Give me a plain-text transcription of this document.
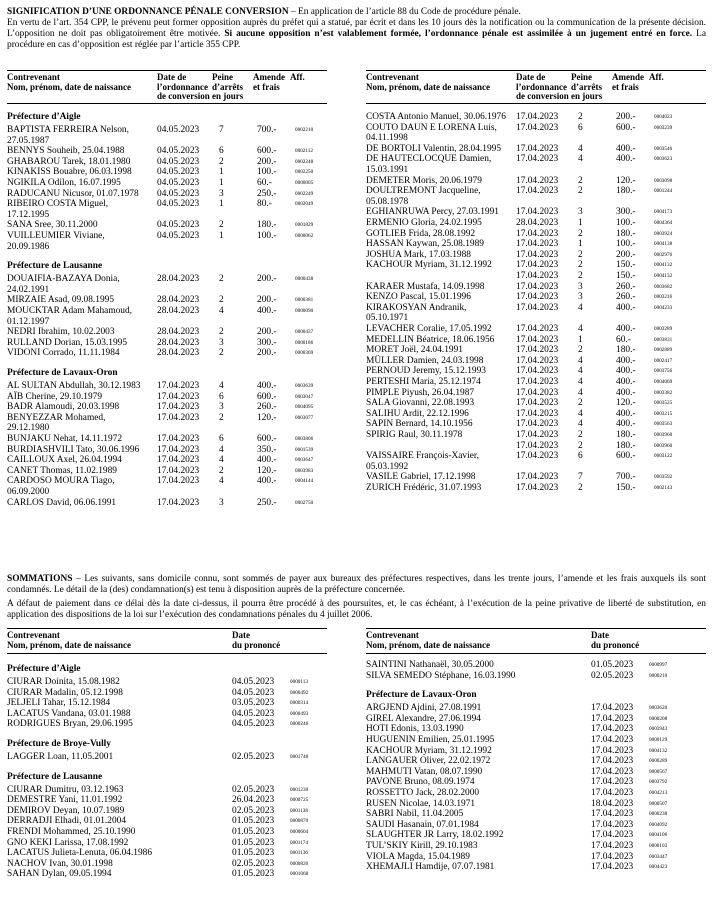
SIGNIFICATION D’UNE ORDONNANCE PÉNALE CONVERSION – En application de l’article 88 du Code de procédure pénale.

En vertu de l’art. 354 CPP, le prévenu peut former opposition auprès du préfet qui a statué, par écrit et dans les 10 jours dès la notification ou la communication de la présente décision. L’opposition ne doit pas obligatoirement être motivée. Si aucune opposition n’est valablement formée, l’ordonnance pénale est assimilée à un jugement entré en force. La procédure en cas d’opposition est réglée par l’article 355 CPP.

Contrevenant
Nom, prénom, date de naissance
Date de
l’ordonnance
de conversion
Peine
d’arrêts
en jours
Amende
et frais
Aff.
Préfecture d’Aigle
BAPTISTA FERREIRA Nelson,
27.05.1987
04.05.2023 7	700.-	0002210
BENNYS Souheib, 25.04.1988	04.05.2023 6	600.-	0002112
GHABAROU Tarek, 18.01.1980	04.05.2023 2	200.-	0002248
KINAKISS Bouabre, 06.03.1998	04.05.2023 1	100.-	0002250
NGIKILA Odilon, 16.07.1995	04.05.2023 1	60.-	0000005
RADUCANU Nicusor, 01.07.1978	04.05.2023 3	250.-	0002249
RIBEIRO COSTA Miguel,
17.12.1995
04.05.2023 1	80.-	0002049
SANA Sree, 30.11.2000	04.05.2023 2	180.-	0001829
VUILLEUMIER Viviane,
20.09.1986
04.05.2023 1	100.-	0000062
Préfecture de Lausanne
DOUAIFIA-BAZAYA Donia,
24.02.1991
28.04.2023 2	200.-	0000438
MIRZAIE Asad, 09.08.1995	28.04.2023 2	200.-	0000381
MOUCKTAR Adam Mahamoud,
01.12.1997
28.04.2023 4	400.-	0000090
NEDRI Ibrahim, 10.02.2003	28.04.2023 2	200.-	0000437
RULLAND Dorian, 15.03.1995	28.04.2023 3	300.-	0000186
VIDONI Corrado, 11.11.1984	28.04.2023 2	200.-	0000369
Préfecture de Lavaux-Oron
AL SULTAN Abdullah, 30.12.1983	17.04.2023 4	400.-	0003639
AÏB Cherine, 29.10.1979	17.04.2023 6	600.-	0003047
BADR Alamoudi, 20.03.1998	17.04.2023 3	260.-	0004095
BENYEZZAR Mohamed,
29.12.1980
17.04.2023 2	120.-	0003077
BUNJAKU Nehat, 14.11.1972	17.04.2023 6	600.-	0003806
BURDIASHVILI Tato, 30.06.1996	17.04.2023 4	350.-	0001539
CAILLOUX Axel, 26.04.1994	17.04.2023 4	400.-	0003647
CANET Thomas, 11.02.1989	17.04.2023 2	120.-	0003983
CARDOSO MOURA Tiago,
06.09.2000
17.04.2023 4	400.-	0004144
CARLOS David, 06.06.1991	17.04.2023 3	250.-	0002750
Contrevenant
Nom, prénom, date de naissance
Date de
l’ordonnance
de conversion
Peine
d’arrêts
en jours
Amende
et frais
Aff.
COSTA Antonio Manuel, 30.06.1976	17.04.2023 2	200.-	0004023
COUTO DAUN E LORENA Luís,
04.11.1998
17.04.2023 6	600.-	0003239
DE BORTOLI Valentin, 28.04.1995	17.04.2023 4	400.-	0003546
DE HAUTECLOCQUE Damien,
15.03.1991
17.04.2023 4	400.-	0003623
DEMETER Moris, 20.06.1979	17.04.2023 2	120.-	0003098
DOULTREMONT Jacqueline,
05.08.1978
17.04.2023 2	180.-	0001244
EGHIANRUWA Percy, 27.03.1991	17.04.2023 3	300.-	0004173
ERMENIO Gloria, 24.02.1995	28.04.2023 1	100.-	0004364
GOTLIEB Frida, 28.08.1992	17.04.2023 2	180.-	0003924
HASSAN Kaywan, 25.08.1989	17.04.2023 1	100.-	0004138
JOSHUA Mark, 17.03.1988	17.04.2023 2	200.-	0002976
KACHOUR Myriam, 31.12.1992	17.04.2023 2	150.-	0004132
17.04.2023 2	150.-	0004132
KARAER Mustafa, 14.09.1998	17.04.2023 3	260.-	0003682
KENZO Pascal, 15.01.1996	17.04.2023 3	260.-	0003216
KIRAKOSYAN Andranik,
05.10.1971
17.04.2023 4	400.-	0004233
LEVACHER Coralie, 17.05.1992	17.04.2023 4	400.-	0003289
MEDELLIN Béatrice, 18.06.1956	17.04.2023 1	60.-	0003831
MORET Joël, 24.04.1991	17.04.2023 2	180.-	0002889
MÜLLER Damien, 24.03.1998	17.04.2023 4	400.-	0002417
PERNOUD Jeremy, 15.12.1993	17.04.2023 4	400.-	0003756
PERTESHI Maria, 25.12.1974	17.04.2023 4	400.-	0004069
PIMPLE Piyush, 26.04.1987	17.04.2023 4	400.-	0003382
SALA Giovanni, 22.08.1993	17.04.2023 2	120.-	0003525
SALIHU Ardit, 22.12.1996	17.04.2023 4	400.-	0003215
SAPIN Bernard, 14.10.1956	17.04.2023 4	400.-	0003563
SPIRIG Raul, 30.11.1978	17.04.2023 2	180.-	0003960
17.04.2023 2	180.-	0003960
VAISSAIRE François-Xavier,
05.03.1992
17.04.2023 6	600.-	0003122
VASILE Gabriel, 17.12.1998	17.04.2023 7	700.-	0003592
ZURICH Frédéric, 31.07.1993	17.04.2023 2	150.-	0002143
Contrevenant
Nom, prénom, date de naissance
Date
du prononcé
Préfecture d’Aigle
CIURAR Doinita, 15.08.1982	04.05.2023	0000113
CIURAR Madalin, 05.12.1998	04.05.2023	0000492
JELJELI Tahar, 15.12.1984	03.05.2023	0000314
LACATUS Vandana, 03.01.1988	04.05.2023	0000493
RODRIGUES Bryan, 29.06.1995	04.05.2023	0000246
Préfecture de Broye-Vully
LAGGER Loan, 11.05.2001	02.05.2023	0001748
Préfecture de Lausanne
CIURAR Dumitru, 03.12.1963	02.05.2023	0001230
DEMESTRE Yani, 11.01.1992	26.04.2023	0000725
DEMIROV Deyan, 10.07.1989	02.05.2023	0001138
DERRADJI Elhadi, 01.01.2004	01.05.2023	0000870
FRENDI Mohammed, 25.10.1990	01.05.2023	0000604
GNO KEKI Larissa, 17.08.1992	01.05.2023	0001174
LACATUS Julieta-Lenuta, 06.04.1986	01.05.2023	0001136
NACHOV Ivan, 30.01.1998	02.05.2023	0000820
SAHAN Dylan, 09.05.1994	01.05.2023	0001068
Contrevenant
Nom, prénom, date de naissance
Date
du prononcé
SAINTINI Nathanaël, 30.05.2000	01.05.2023	0000997
SILVA SEMEDO Stéphane, 16.03.1990	02.05.2023	0000210
Préfecture de Lavaux-Oron
ARGJEND Ajdini, 27.08.1991	17.04.2023	0003620
GIREL Alexandre, 27.06.1994	17.04.2023	0000208
HOTI Edonis, 13.03.1990	17.04.2023	0003943
HUGUENIN Emilien, 25.01.1995	17.04.2023	0000129
KACHOUR Myriam, 31.12.1992	17.04.2023	0004132
LANGAUER Oliver, 22.02.1972	17.04.2023	0000289
MAHMUTI Vatan, 08.07.1990	17.04.2023	0000567
PAVONE Bruno, 08.09.1974	17.04.2023	0003792
ROSSETTO Jack, 28.02.2000	17.04.2023	0004213
RUSEN Nicolae, 14.03.1971	18.04.2023	0000507
SABRI Nabil, 11.04.2005	17.04.2023	0000238
SAUDI Hasanain, 07.01.1984	17.04.2023	0004092
SLAUGHTER JR Larry, 18.02.1992	17.04.2023	0004106
TUL’SKIY Kirill, 29.10.1983	17.04.2023	0000103
VIOLA Magda, 15.04.1989	17.04.2023	0003447
XHEMAJLI Hamdije, 07.07.1981	17.04.2023	0004423

SOMMATIONS – Les suivants, sans domicile connu, sont sommés de payer aux bureaux des préfectures respectives, dans les trente jours, l’amende et les frais auxquels ils sont condamnés. Le détail de la (des) condamnation(s) est tenu à disposition auprès de la préfecture concernée.

A défaut de paiement dans ce délai dès la date ci-dessus, il pourra être procédé à des poursuites, et, le cas échéant, à l’exécution de la peine privative de liberté de substitution, en application des dispositions de la loi sur l’exécution des condamnations pénales du 4 juillet 2006.
